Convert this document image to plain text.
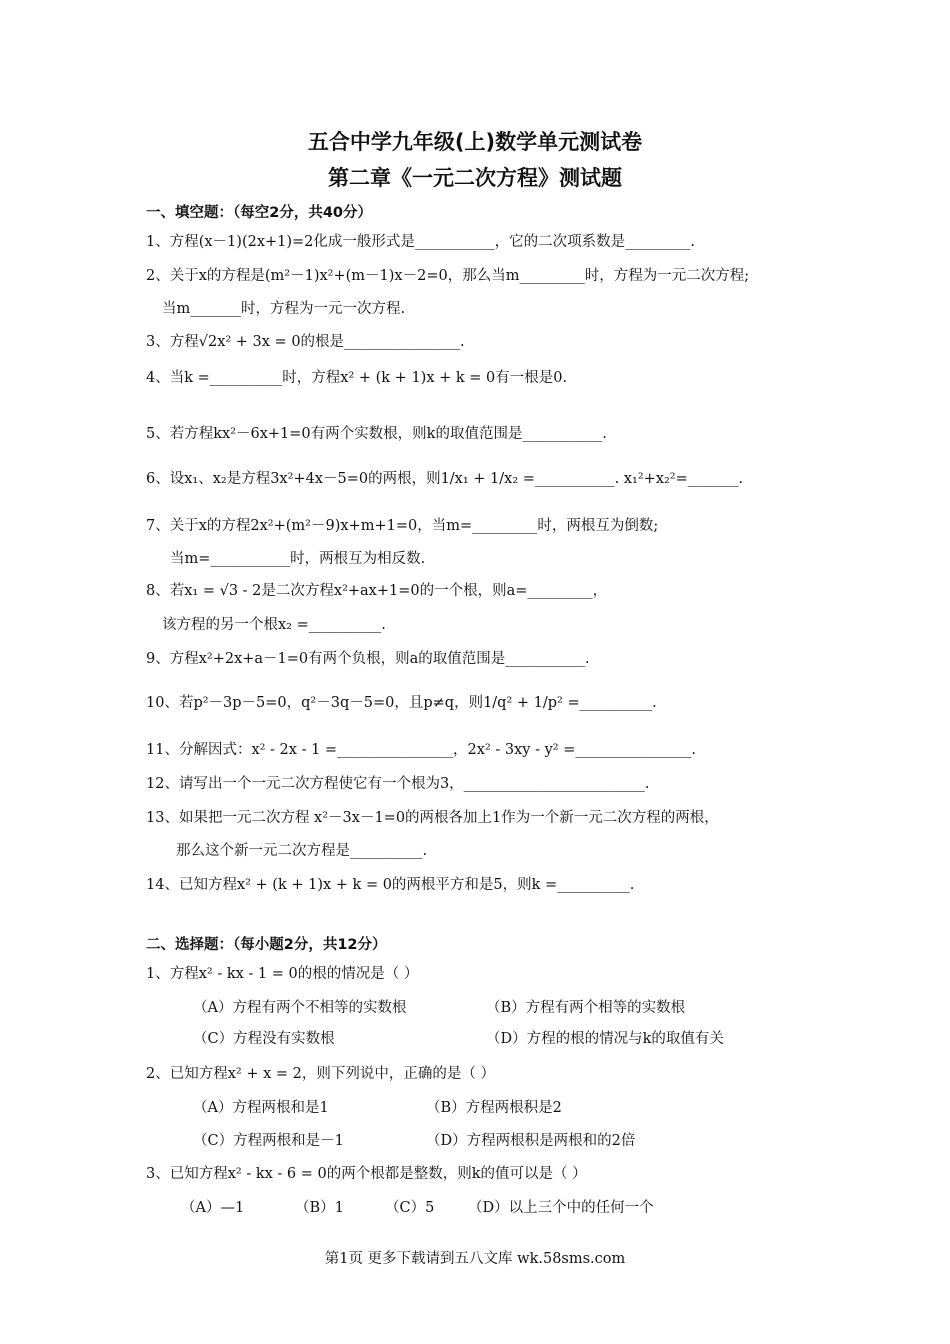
五合中学九年级(上)数学单元测试卷
第二章《一元二次方程》测试题
一、填空题：（每空2分，共40分）
1、方程(x－1)(2x+1)=2化成一般形式是___________，它的二次项系数是_________.
2、关于x的方程是(m²－1)x²+(m－1)x－2=0，那么当m_________时，方程为一元二次方程;
当m_______时，方程为一元一次方程.
3、方程√2x² + 3x = 0的根是________________.
4、当k =__________时，方程x² + (k + 1)x + k = 0有一根是0.
5、若方程kx²－6x+1=0有两个实数根，则k的取值范围是___________.
6、设x₁、x₂是方程3x²+4x－5=0的两根，则1/x₁ + 1/x₂ =___________. x₁²+x₂²=_______.
7、关于x的方程2x²+(m²－9)x+m+1=0，当m=_________时，两根互为倒数;
当m=___________时，两根互为相反数.
8、若x₁ = √3 - 2是二次方程x²+ax+1=0的一个根，则a=_________，
该方程的另一个根x₂ =__________.
9、方程x²+2x+a－1=0有两个负根，则a的取值范围是___________.
10、若p²－3p－5=0，q²－3q－5=0，且p≠q，则1/q² + 1/p² =__________.
11、分解因式：x² - 2x - 1 =________________，2x² - 3xy - y² =________________.
12、请写出一个一元二次方程使它有一个根为3，_________________________.
13、如果把一元二次方程 x²－3x－1=0的两根各加上1作为一个新一元二次方程的两根，
那么这个新一元二次方程是__________.
14、已知方程x² + (k + 1)x + k = 0的两根平方和是5，则k =__________.
二、选择题：（每小题2分，共12分）
1、方程x² - kx - 1 = 0的根的情况是（ ）
（A）方程有两个不相等的实数根	（B）方程有两个相等的实数根
（C）方程没有实数根	（D）方程的根的情况与k的取值有关
2、已知方程x² + x = 2，则下列说中，正确的是（ ）
（A）方程两根和是1	（B）方程两根积是2
（C）方程两根和是－1	（D）方程两根积是两根和的2倍
3、已知方程x² - kx - 6 = 0的两个根都是整数，则k的值可以是（ ）
（A）—1	（B）1	（C）5 （D）以上三个中的任何一个
第1页 更多下载请到五八文库 wk.58sms.com
